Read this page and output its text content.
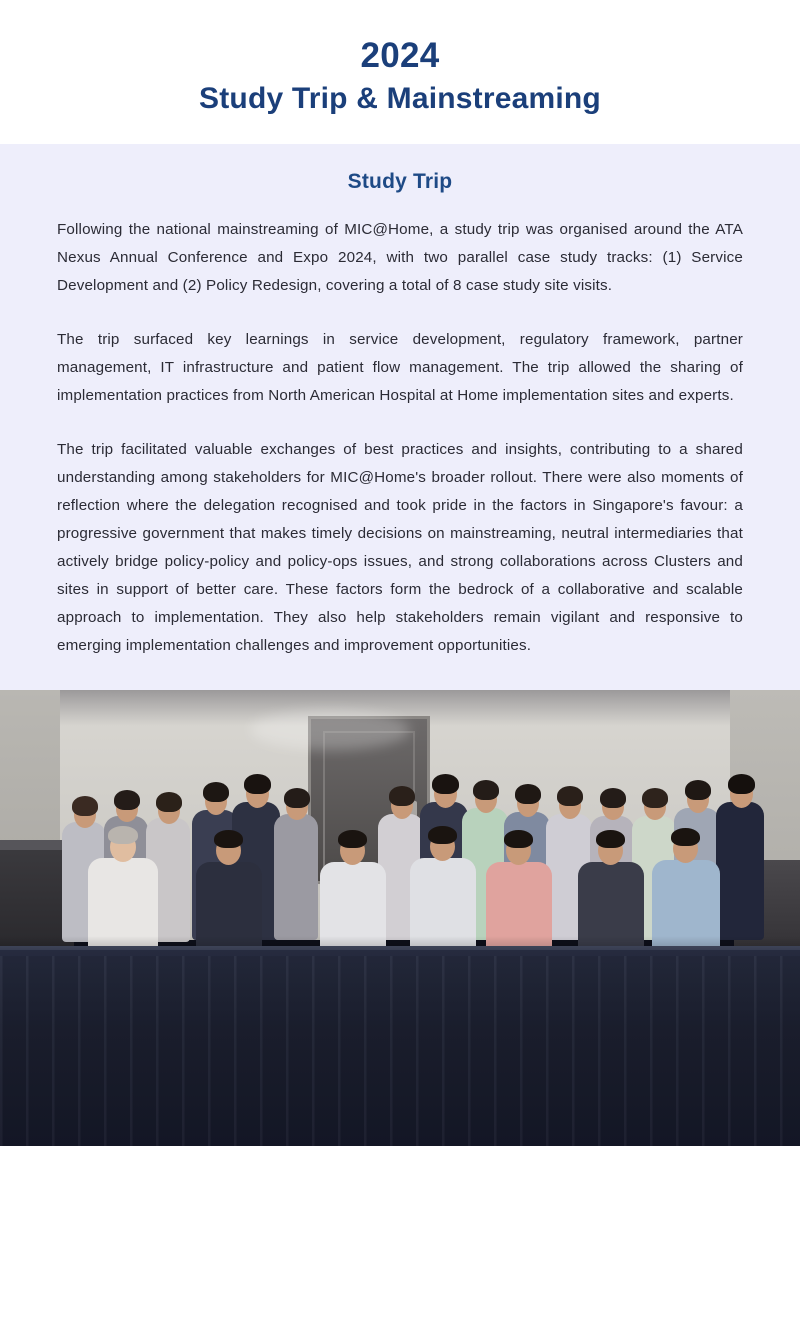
2024
Study Trip & Mainstreaming
Study Trip

Following the national mainstreaming of MIC@Home, a study trip was organised around the ATA Nexus Annual Conference and Expo 2024, with two parallel case study tracks: (1) Service Development and (2) Policy Redesign, covering a total of 8 case study site visits.

The trip surfaced key learnings in service development, regulatory framework, partner management, IT infrastructure and patient flow management. The trip allowed the sharing of implementation practices from North American Hospital at Home implementation sites and experts.

The trip facilitated valuable exchanges of best practices and insights, contributing to a shared understanding among stakeholders for MIC@Home's broader rollout. There were also moments of reflection where the delegation recognised and took pride in the factors in Singapore's favour: a progressive government that makes timely decisions on mainstreaming, neutral intermediaries that actively bridge policy-policy and policy-ops issues, and strong collaborations across Clusters and sites in support of better care. These factors form the bedrock of a collaborative and scalable approach to implementation. They also help stakeholders remain vigilant and responsive to emerging implementation challenges and improvement opportunities.
